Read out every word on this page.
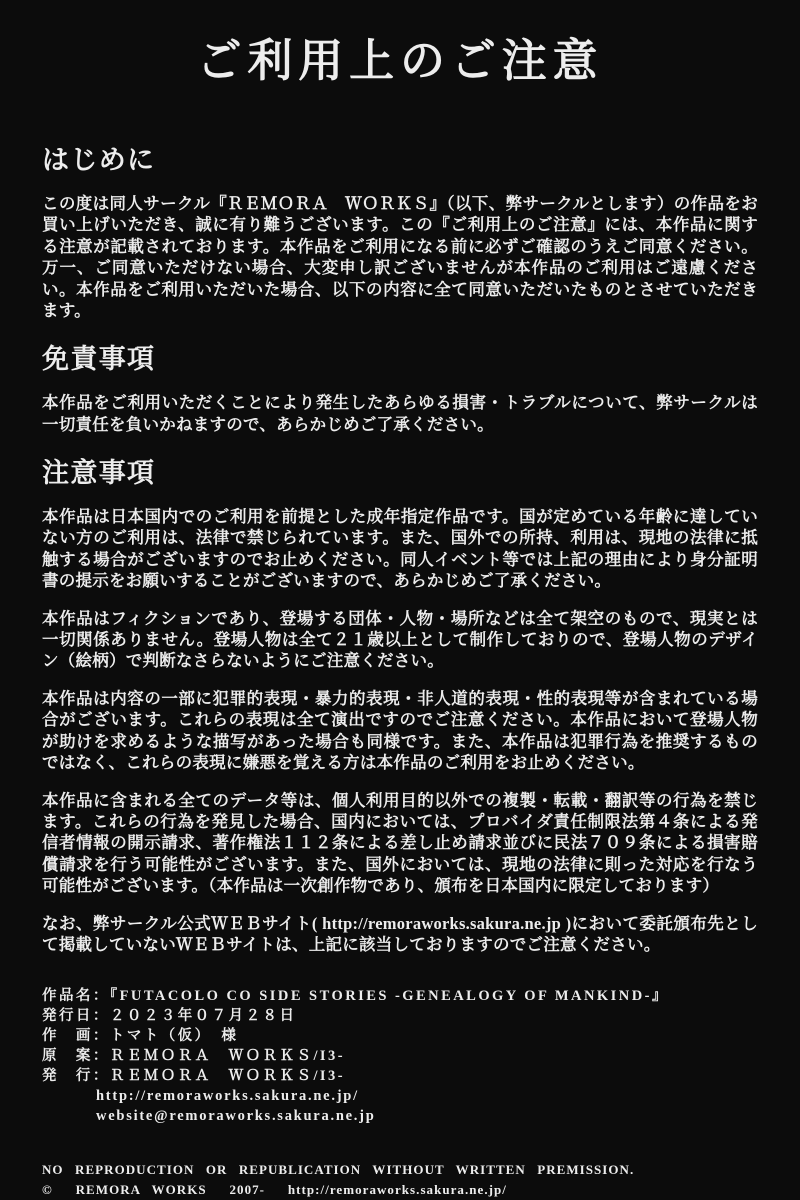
ご利用上のご注意
はじめに

この度は同人サークル『ＲＥＭＯＲＡ　ＷＯＲＫＳ』（以下、弊サークルとします）の作品をお買い上げいただき、誠に有り難うございます。この『ご利用上のご注意』には、本作品に関する注意が記載されております。本作品をご利用になる前に必ずご確認のうえご同意ください。万一、ご同意いただけない場合、大変申し訳ございませんが本作品のご利用はご遠慮ください。本作品をご利用いただいた場合、以下の内容に全て同意いただいたものとさせていただきます。

免責事項

本作品をご利用いただくことにより発生したあらゆる損害・トラブルについて、弊サークルは一切責任を負いかねますので、あらかじめご了承ください。

注意事項

本作品は日本国内でのご利用を前提とした成年指定作品です。国が定めている年齢に達していない方のご利用は、法律で禁じられています。また、国外での所持、利用は、現地の法律に抵触する場合がございますのでお止めください。同人イベント等では上記の理由により身分証明書の提示をお願いすることがございますので、あらかじめご了承ください。

本作品はフィクションであり、登場する団体・人物・場所などは全て架空のもので、現実とは一切関係ありません。登場人物は全て２１歳以上として制作しておりので、登場人物のデザイン（絵柄）で判断なさらないようにご注意ください。

本作品は内容の一部に犯罪的表現・暴力的表現・非人道的表現・性的表現等が含まれている場合がございます。これらの表現は全て演出ですのでご注意ください。本作品において登場人物が助けを求めるような描写があった場合も同様です。また、本作品は犯罪行為を推奨するものではなく、これらの表現に嫌悪を覚える方は本作品のご利用をお止めください。

本作品に含まれる全てのデータ等は、個人利用目的以外での複製・転載・翻訳等の行為を禁じます。これらの行為を発見した場合、国内においては、プロバイダ責任制限法第４条による発信者情報の開示請求、著作権法１１２条による差し止め請求並びに民法７０９条による損害賠償請求を行う可能性がございます。また、国外においては、現地の法律に則った対応を行なう可能性がございます。（本作品は一次創作物であり、頒布を日本国内に限定しております）

なお、弊サークル公式ＷＥＢサイト( http://remoraworks.sakura.ne.jp )において委託頒布先として掲載していないＷＥＢサイトは、上記に該当しておりますのでご注意ください。

作品名：『FUTACOLO CO SIDE STORIES -GENEALOGY OF MANKIND-』
発行日：２０２３年０７月２８日
作　画：トマト（仮）　様
原　案：ＲＥＭＯＲＡ　ＷＯＲＫＳ/I3-
発　行：ＲＥＭＯＲＡ　ＷＯＲＫＳ/I3-
http://remoraworks.sakura.ne.jp/
website@remoraworks.sakura.ne.jp
NO REPRODUCTION OR REPUBLICATION WITHOUT WRITTEN PREMISSION.
©  REMORA WORKS  2007-  http://remoraworks.sakura.ne.jp/
